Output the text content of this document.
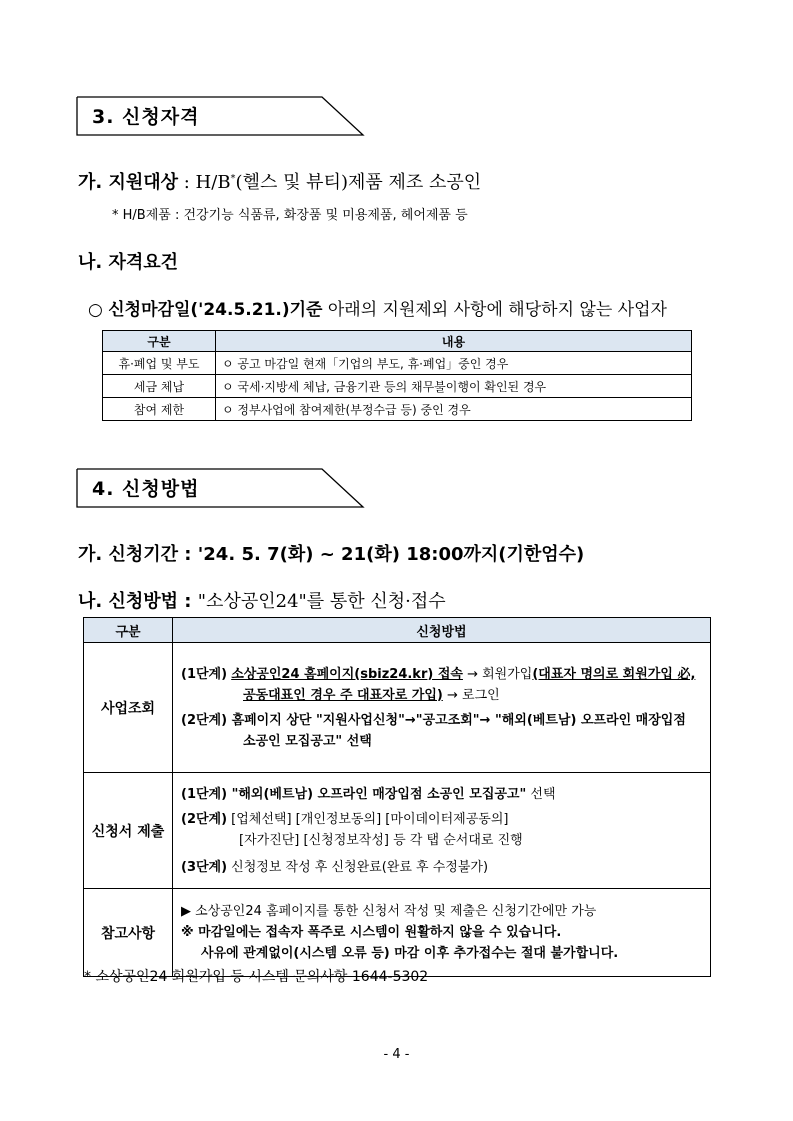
3. 신청자격
가. 지원대상 : H/B*(헬스 및 뷰티)제품 제조 소공인
* H/B제품 : 건강기능 식품류, 화장품 및 미용제품, 헤어제품 등
나. 자격요건
○ 신청마감일('24.5.21.)기준 아래의 지원제외 사항에 해당하지 않는 사업자
구분	내용
휴·폐업 및 부도	ㅇ 공고 마감일 현재「기업의 부도, 휴·폐업」중인 경우
세금 체납	ㅇ 국세·지방세 체납, 금융기관 등의 채무불이행이 확인된 경우
참여 제한	ㅇ 정부사업에 참여제한(부정수급 등) 중인 경우
4. 신청방법
가. 신청기간 : '24. 5. 7(화) ~ 21(화) 18:00까지(기한엄수)
나. 신청방법 : "소상공인24"를 통한 신청·접수
구분	신청방법
사업조회	(1단계) 소상공인24 홈페이지(sbiz24.kr) 접속 → 회원가입(대표자 명의로 회원가입 必, 공동대표인 경우 주 대표자로 가입) → 로그인
(2단계) 홈페이지 상단 "지원사업신청"→"공고조회"→ "해외(베트남) 오프라인 매장입점 소공인 모집공고" 선택

신청서 제출	(1단계) "해외(베트남) 오프라인 매장입점 소공인 모집공고" 선택
(2단계) [업체선택] [개인정보동의] [마이데이터제공동의]
[자가진단] [신청정보작성] 등 각 탭 순서대로 진행
(3단계) 신청정보 작성 후 신청완료(완료 후 수정불가)

참고사항	▶ 소상공인24 홈페이지를 통한 신청서 작성 및 제출은 신청기간에만 가능
※ 마감일에는 접속자 폭주로 시스템이 원활하지 않을 수 있습니다.
사유에 관계없이(시스템 오류 등) 마감 이후 추가접수는 절대 불가합니다.
* 소상공인24 회원가입 등 시스템 문의사항 1644-5302
- 4 -
